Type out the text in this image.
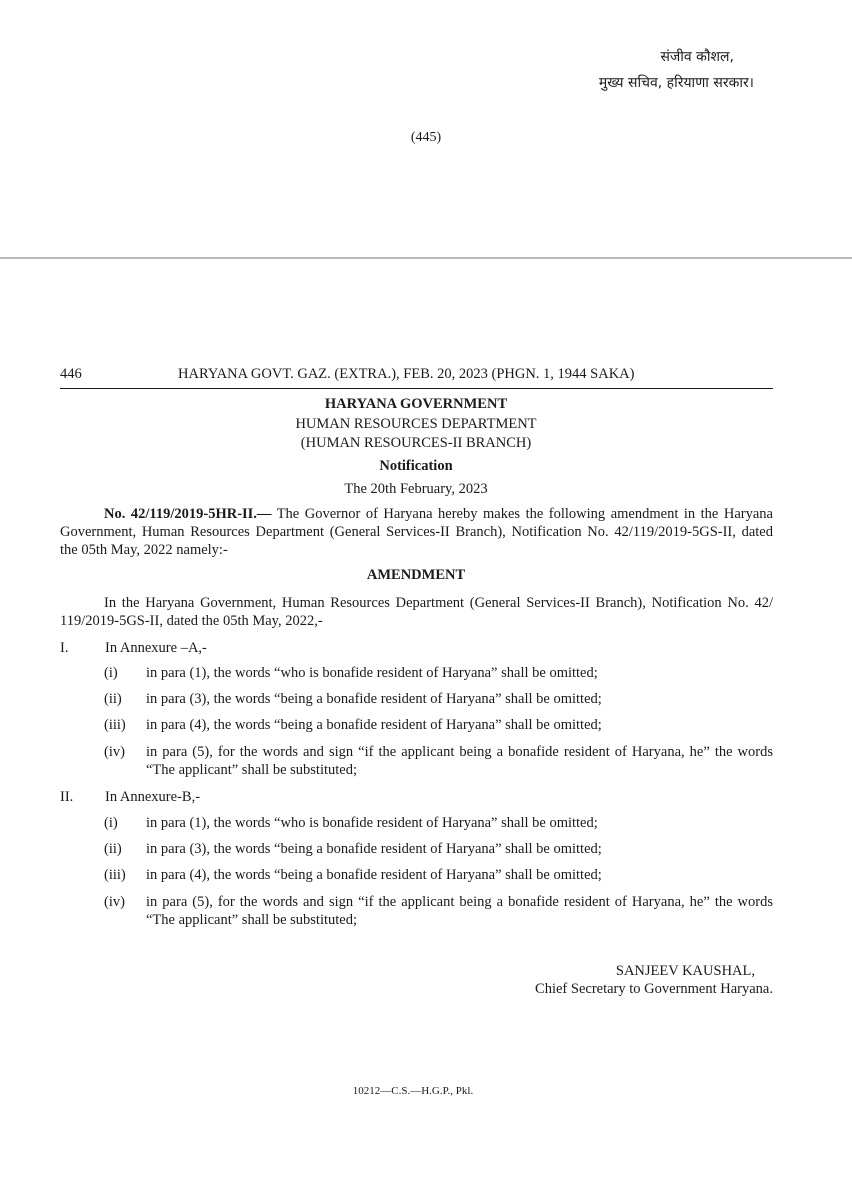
संजीव कौशल,
मुख्य सचिव, हरियाणा सरकार।
(445)
446	HARYANA GOVT. GAZ. (EXTRA.), FEB. 20, 2023 (PHGN. 1, 1944 SAKA)
HARYANA GOVERNMENT
HUMAN RESOURCES DEPARTMENT
(HUMAN RESOURCES-II BRANCH)
Notification
The 20th February, 2023
No. 42/119/2019-5HR-II.— The Governor of Haryana hereby makes the following amendment in the Haryana Government, Human Resources Department (General Services-II Branch), Notification No. 42/119/2019-5GS-II, dated the 05th May, 2022 namely:-
AMENDMENT
In the Haryana Government, Human Resources Department (General Services-II Branch), Notification No. 42/ 119/2019-5GS-II, dated the 05th May, 2022,-
I.	In Annexure –A,-
(i) in para (1), the words “who is bonafide resident of Haryana” shall be omitted;
(ii) in para (3), the words “being a bonafide resident of Haryana” shall be omitted;
(iii) in para (4), the words “being a bonafide resident of Haryana” shall be omitted;
(iv) in para (5), for the words and sign “if the applicant being a bonafide resident of Haryana, he” the words “The applicant” shall be substituted;
II. In Annexure-B,-
(i) in para (1), the words “who is bonafide resident of Haryana” shall be omitted;
(ii) in para (3), the words “being a bonafide resident of Haryana” shall be omitted;
(iii) in para (4), the words “being a bonafide resident of Haryana” shall be omitted;
(iv) in para (5), for the words and sign “if the applicant being a bonafide resident of Haryana, he” the words “The applicant” shall be substituted;
SANJEEV KAUSHAL,
Chief Secretary to Government Haryana.
10212—C.S.—H.G.P., Pkl.
